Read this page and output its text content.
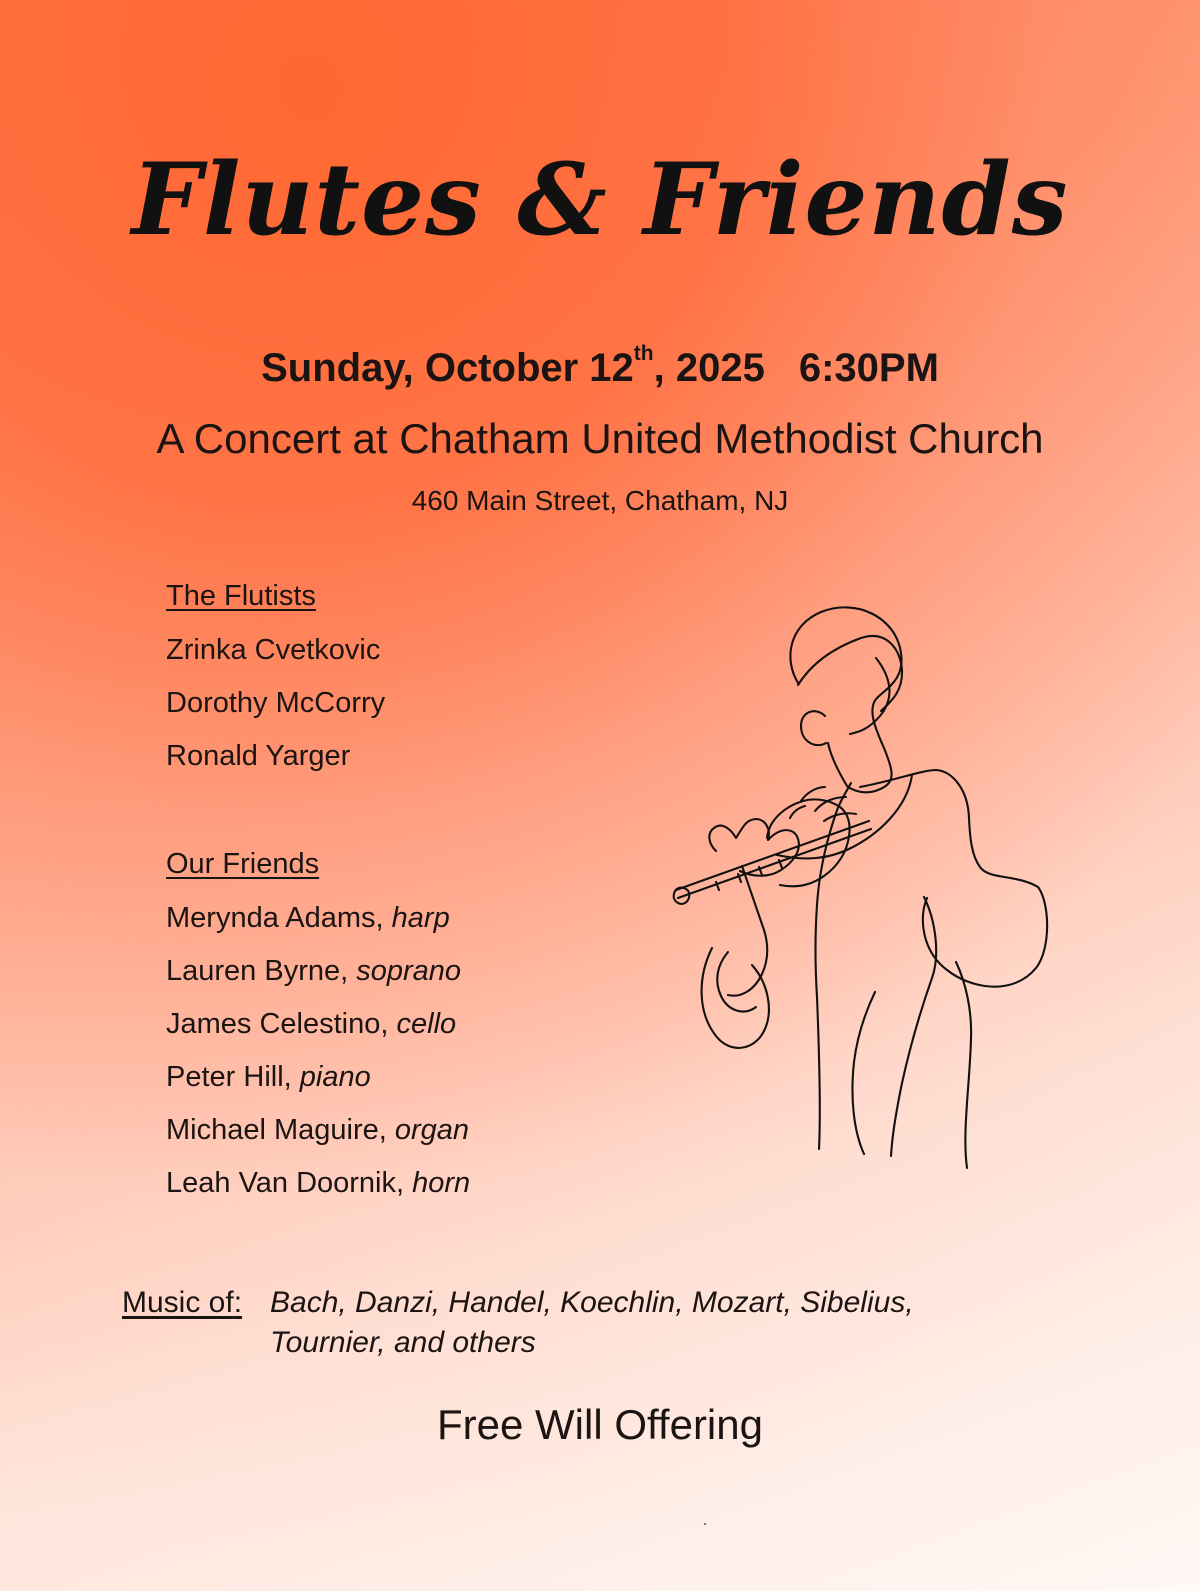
Flutes & Friends
Sunday, October 12th, 2025 6:30PM
A Concert at Chatham United Methodist Church
460 Main Street, Chatham, NJ
The Flutists
Zrinka Cvetkovic
Dorothy McCorry
Ronald Yarger
Our Friends
Merynda Adams, harp
Lauren Byrne, soprano
James Celestino, cello
Peter Hill, piano
Michael Maguire, organ
Leah Van Doornik, horn
Music of: Bach, Danzi, Handel, Koechlin, Mozart, Sibelius, Tournier, and others
Free Will Offering
